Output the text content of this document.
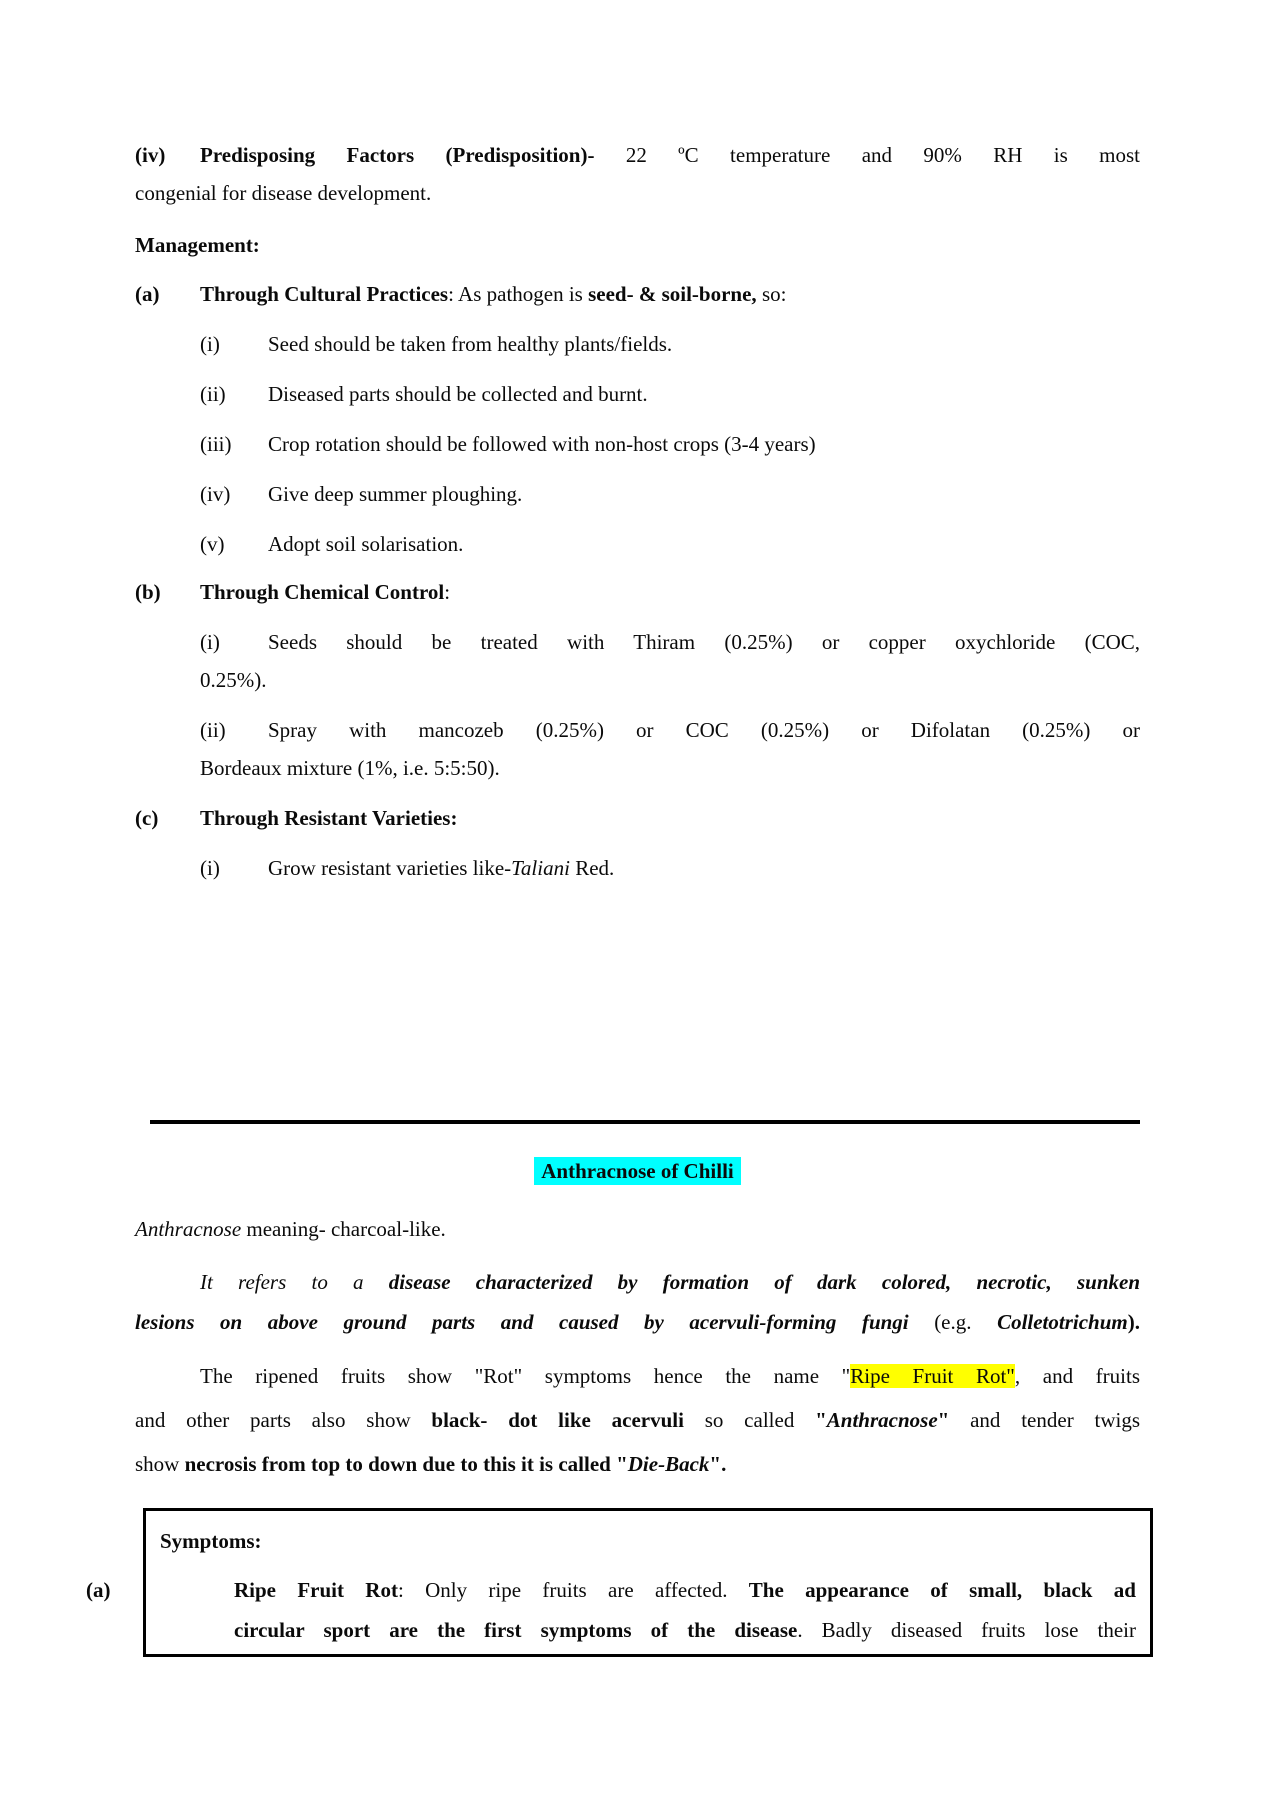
(iv) Predisposing Factors (Predisposition)- 22 ºC temperature and 90% RH is most
congenial for disease development.

Management:

(a) Through Cultural Practices: As pathogen is seed- & soil-borne, so:

(i) Seed should be taken from healthy plants/fields.

(ii) Diseased parts should be collected and burnt.

(iii) Crop rotation should be followed with non-host crops (3-4 years)

(iv) Give deep summer ploughing.

(v) Adopt soil solarisation.

(b) Through Chemical Control:

(i) Seeds should be treated with Thiram (0.25%) or copper oxychloride (COC,
0.25%).

(ii) Spray with mancozeb (0.25%) or COC (0.25%) or Difolatan (0.25%) or
Bordeaux mixture (1%, i.e. 5:5:50).

(c) Through Resistant Varieties:

(i) Grow resistant varieties like-Taliani Red.

Anthracnose of Chilli

Anthracnose meaning- charcoal-like.

It refers to a disease characterized by formation of dark colored, necrotic, sunken
lesions on above ground parts and caused by acervuli-forming fungi (e.g. Colletotrichum).

The ripened fruits show "Rot" symptoms hence the name "Ripe Fruit Rot", and fruits
and other parts also show black- dot like acervuli so called "Anthracnose" and tender twigs
show necrosis from top to down due to this it is called "Die-Back".

Symptoms:

(a)	Ripe Fruit Rot: Only ripe fruits are affected. The appearance of small, black ad
circular sport are the first symptoms of the disease. Badly diseased fruits lose their
